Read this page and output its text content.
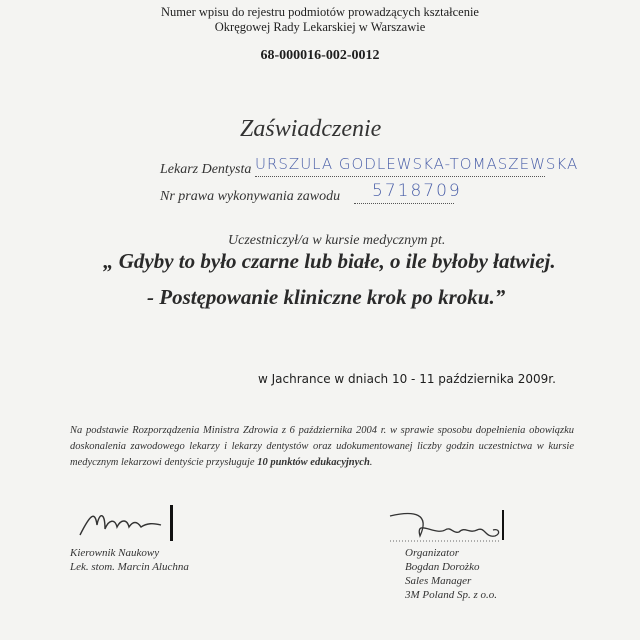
Numer wpisu do rejestru podmiotów prowadzących kształcenie
Okręgowej Rady Lekarskiej w Warszawie
68-000016-002-0012
Zaświadczenie
Lekarz Dentysta URSZULA GODLEWSKA-TOMASZEWSKA
Nr prawa wykonywania zawodu 5718709
Uczestniczył/a w kursie medycznym pt.
„ Gdyby to było czarne lub białe, o ile byłoby łatwiej.
- Postępowanie kliniczne krok po kroku.”
w Jachrance w dniach 10 - 11 października 2009r.
Na podstawie Rozporządzenia Ministra Zdrowia z 6 października 2004 r. w sprawie sposobu dopełnienia obowiązku doskonalenia zawodowego lekarzy i lekarzy dentystów oraz udokumentowanej liczby godzin uczestnictwa w kursie medycznym lekarzowi dentyście przysługuje 10 punktów edukacyjnych.
Kierownik Naukowy
Lek. stom. Marcin Aluchna
Organizator
Bogdan Dorożko
Sales Manager
3M Poland Sp. z o.o.
